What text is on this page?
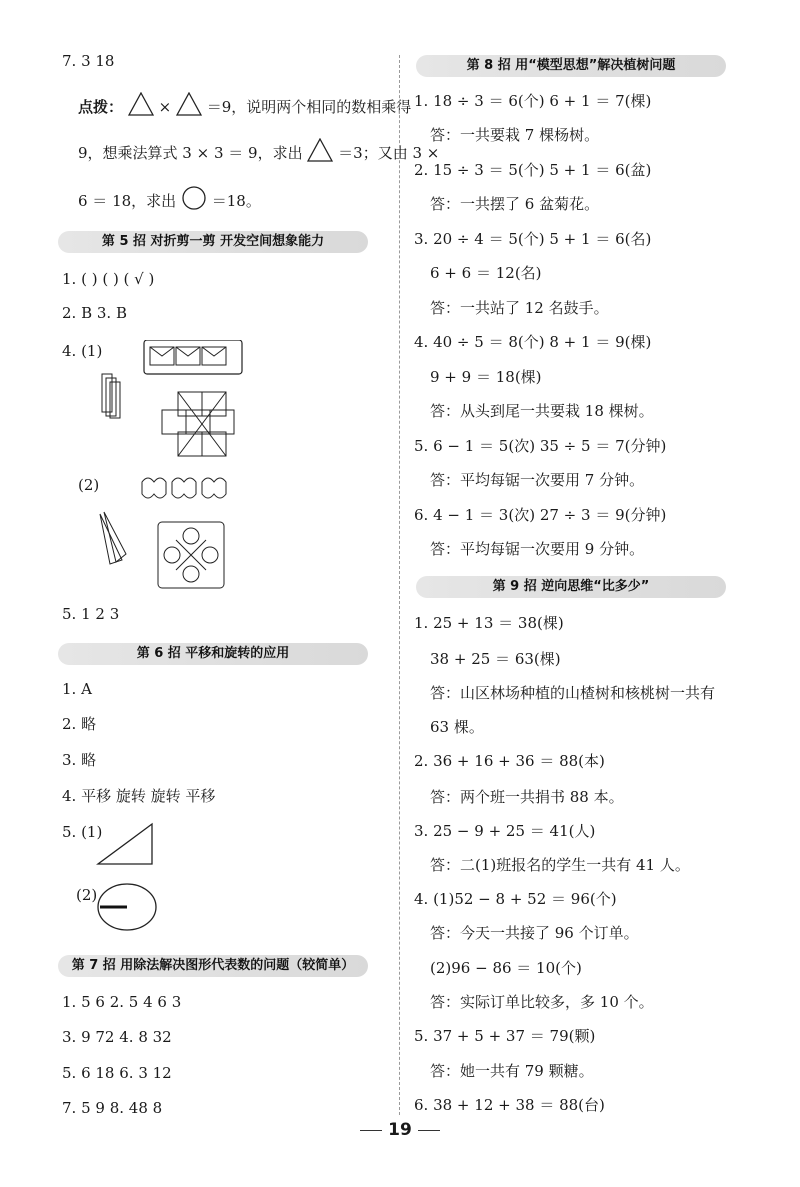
7. 3 18
点拨： × ＝9，说明两个相同的数相乘得
9，想乘法算式 3 × 3 ＝ 9，求出 ＝3；又由 3 ×
6 ＝ 18，求出 ＝18。
第 5 招 对折剪一剪 开发空间想象能力
1. ( ) ( ) ( √ )
2. B 3. B
4. (1)
(2)
5. 1 2 3
第 6 招 平移和旋转的应用
1. A
2. 略
3. 略
4. 平移 旋转 旋转 平移
5. (1)
(2)
第 7 招 用除法解决图形代表数的问题（较简单）
1. 5 6 2. 5 4 6 3
3. 9 72 4. 8 32
5. 6 18 6. 3 12
7. 5 9 8. 48 8
第 8 招 用“模型思想”解决植树问题
1. 18 ÷ 3 ＝ 6(个) 6 + 1 ＝ 7(棵)
答：一共要栽 7 棵杨树。
2. 15 ÷ 3 ＝ 5(个) 5 + 1 ＝ 6(盆)
答：一共摆了 6 盆菊花。
3. 20 ÷ 4 ＝ 5(个) 5 + 1 ＝ 6(名)
6 + 6 ＝ 12(名)
答：一共站了 12 名鼓手。
4. 40 ÷ 5 ＝ 8(个) 8 + 1 ＝ 9(棵)
9 + 9 ＝ 18(棵)
答：从头到尾一共要栽 18 棵树。
5. 6 − 1 ＝ 5(次) 35 ÷ 5 ＝ 7(分钟)
答：平均每锯一次要用 7 分钟。
6. 4 − 1 ＝ 3(次) 27 ÷ 3 ＝ 9(分钟)
答：平均每锯一次要用 9 分钟。
第 9 招 逆向思维“比多少”
1. 25 + 13 ＝ 38(棵)
38 + 25 ＝ 63(棵)
答：山区林场种植的山楂树和核桃树一共有
63 棵。
2. 36 + 16 + 36 ＝ 88(本)
答：两个班一共捐书 88 本。
3. 25 − 9 + 25 ＝ 41(人)
答：二(1)班报名的学生一共有 41 人。
4. (1)52 − 8 + 52 ＝ 96(个)
答：今天一共接了 96 个订单。
(2)96 − 86 ＝ 10(个)
答：实际订单比较多，多 10 个。
5. 37 + 5 + 37 ＝ 79(颗)
答：她一共有 79 颗糖。
6. 38 + 12 + 38 ＝ 88(台)
19
